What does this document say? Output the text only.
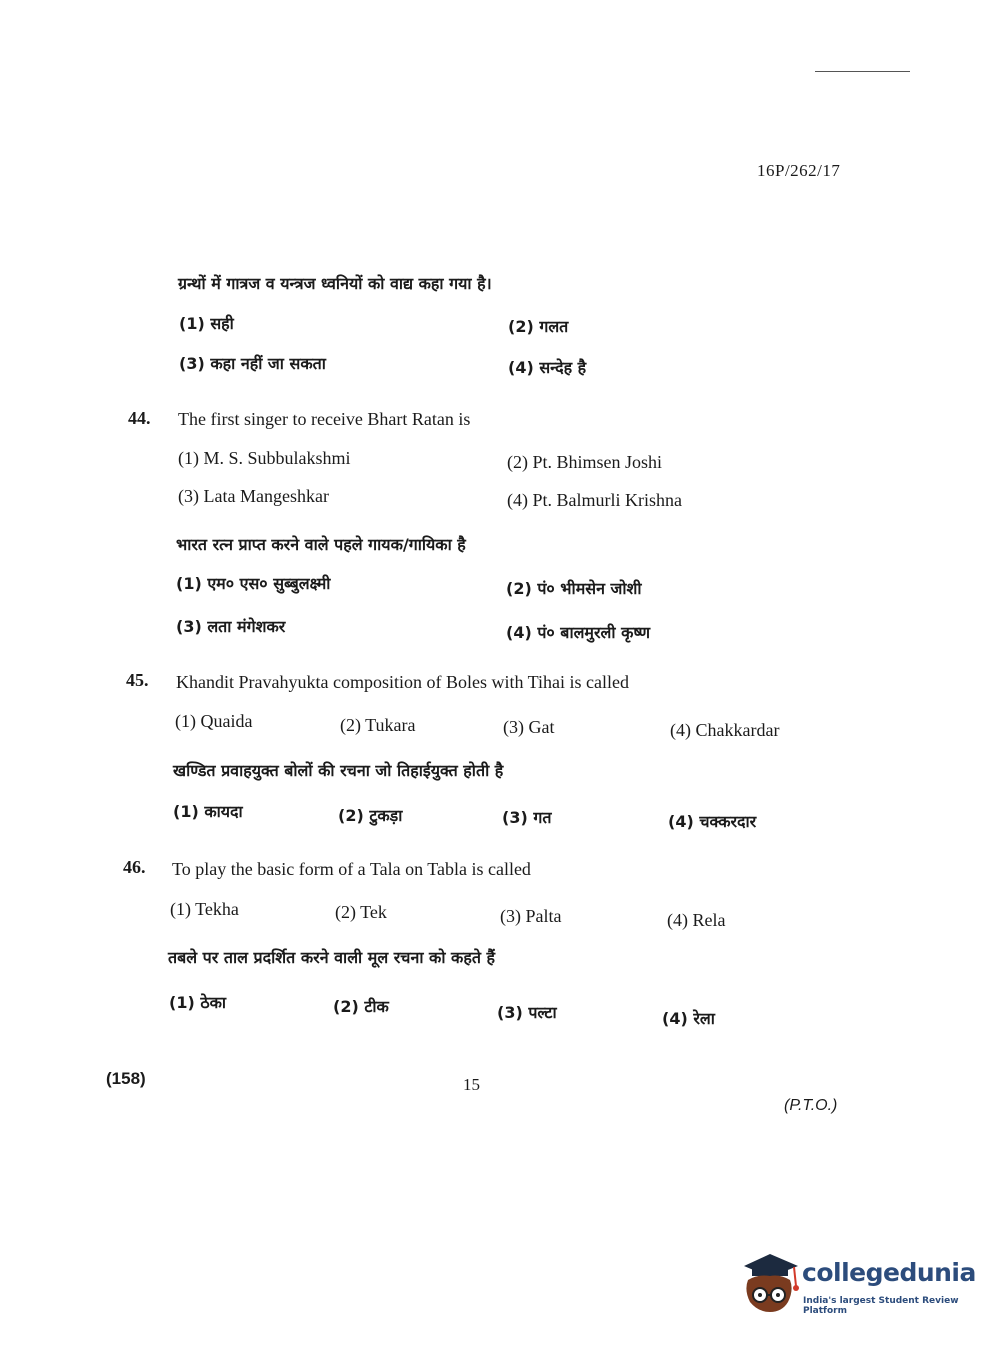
16P/262/17
ग्रन्थों में गात्रज व यन्त्रज ध्वनियों को वाद्य कहा गया है।
(1) सही	(2) गलत
(3) कहा नहीं जा सकता	(4) सन्देह है
44. The first singer to receive Bhart Ratan is
(1) M. S. Subbulakshmi	(2) Pt. Bhimsen Joshi
(3) Lata Mangeshkar	(4) Pt. Balmurli Krishna
भारत रत्न प्राप्त करने वाले पहले गायक/गायिका है
(1) एम० एस० सुब्बुलक्ष्मी	(2) पं० भीमसेन जोशी
(3) लता मंगेशकर	(4) पं० बालमुरली कृष्ण
45. Khandit Pravahyukta composition of Boles with Tihai is called
(1) Quaida	(2) Tukara	(3) Gat	(4) Chakkardar
खण्डित प्रवाहयुक्त बोलों की रचना जो तिहाईयुक्त होती है
(1) कायदा	(2) टुकड़ा	(3) गत	(4) चक्करदार
46. To play the basic form of a Tala on Tabla is called
(1) Tekha	(2) Tek	(3) Palta	(4) Rela
तबले पर ताल प्रदर्शित करने वाली मूल रचना को कहते हैं
(1) ठेका	(2) टीक	(3) पल्टा	(4) रेला
(158)	15
(P.T.O.)
collegedunia
India's largest Student Review Platform
